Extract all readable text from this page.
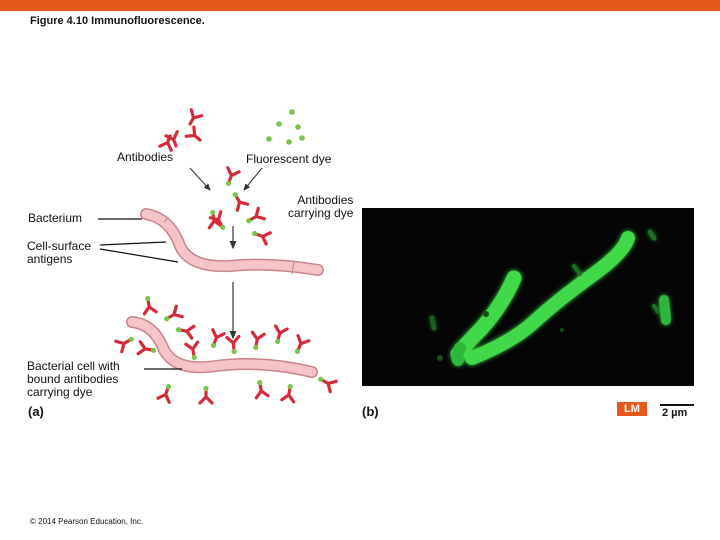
Figure 4.10 Immunofluorescence.
Antibodies	Fluorescent dye
Antibodies
carrying dye
Bacterium
Cell-surface
antigens
Bacterial cell with
bound antibodies
carrying dye
(a)	(b)	LM	2 µm
© 2014 Pearson Education, Inc.
